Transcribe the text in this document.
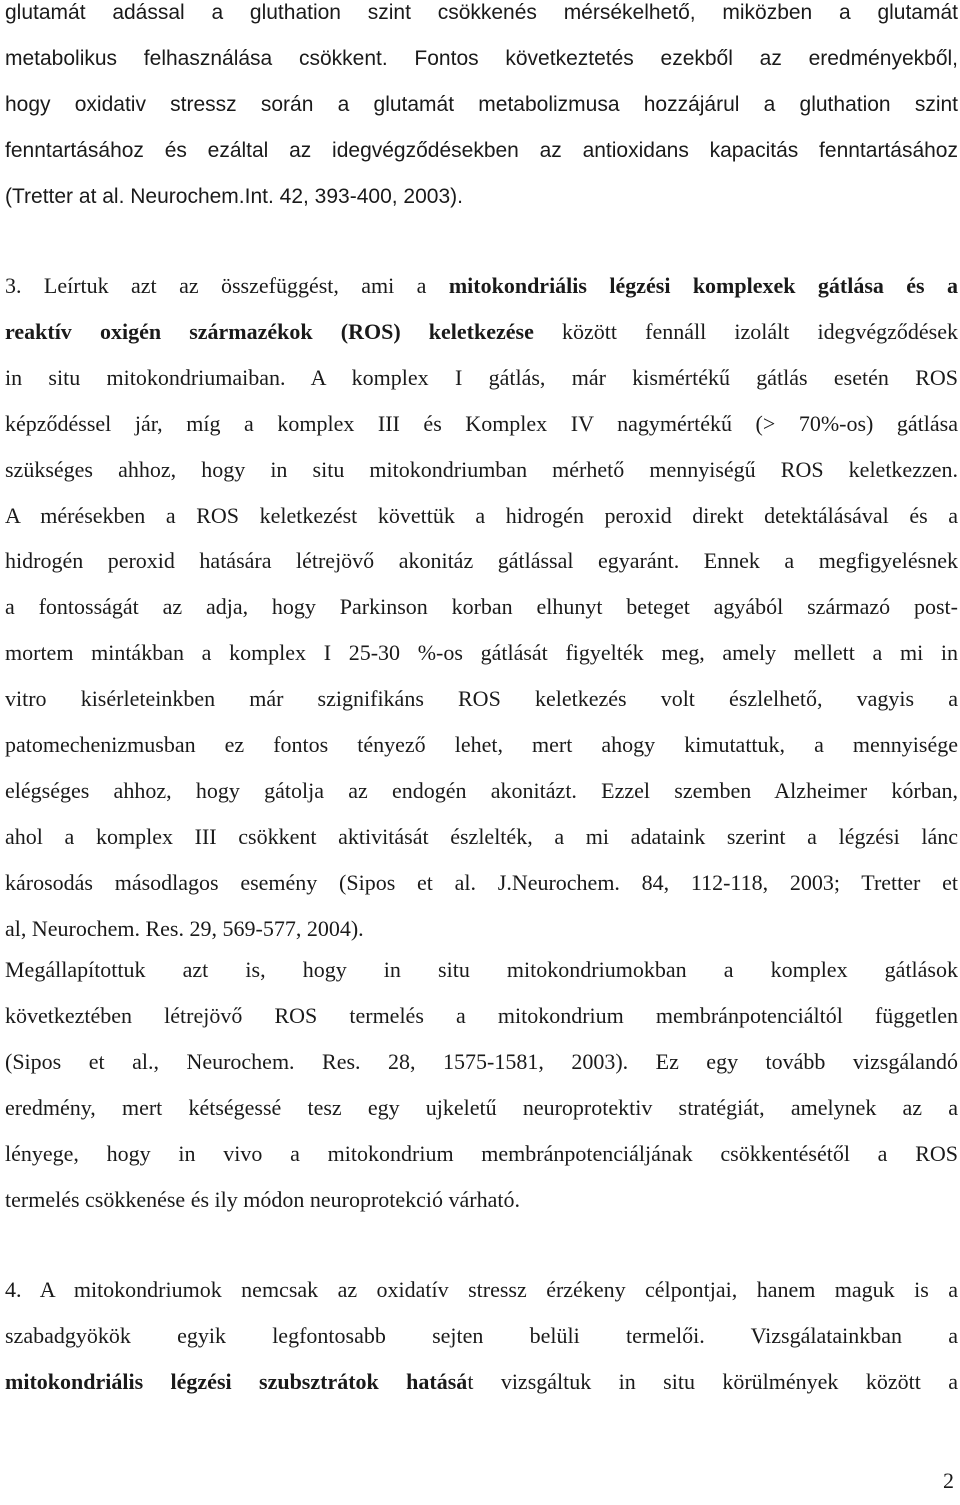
glutamát adással a gluthation szint csökkenés mérsékelhető, miközben a glutamát
metabolikus felhasználása csökkent. Fontos következtetés ezekből az eredményekből,
hogy oxidativ stressz során a glutamát metabolizmusa hozzájárul a gluthation szint
fenntartásához és ezáltal az idegvégződésekben az antioxidans kapacitás fenntartásához
(Tretter at al. Neurochem.Int. 42, 393-400, 2003).
3. Leírtuk azt az összefüggést, ami a mitokondriális légzési komplexek gátlása és a
reaktív oxigén származékok (ROS) keletkezése között fennáll izolált idegvégződések
in situ mitokondriumaiban. A komplex I gátlás, már kismértékű gátlás esetén ROS
képződéssel jár, míg a komplex III és Komplex IV nagymértékű (> 70%-os) gátlása
szükséges ahhoz, hogy in situ mitokondriumban mérhető mennyiségű ROS keletkezzen.
A mérésekben a ROS keletkezést követtük a hidrogén peroxid direkt detektálásával és a
hidrogén peroxid hatására létrejövő akonitáz gátlással egyaránt. Ennek a megfigyelésnek
a fontosságát az adja, hogy Parkinson korban elhunyt beteget agyából származó post-
mortem mintákban a komplex I 25-30 %-os gátlását figyelték meg, amely mellett a mi in
vitro kisérleteinkben már szignifikáns ROS keletkezés volt észlelhető, vagyis a
patomechenizmusban ez fontos tényező lehet, mert ahogy kimutattuk, a mennyisége
elégséges ahhoz, hogy gátolja az endogén akonitázt. Ezzel szemben Alzheimer kórban,
ahol a komplex III csökkent aktivitását észlelték, a mi adataink szerint a légzési lánc
károsodás másodlagos esemény (Sipos et al. J.Neurochem. 84, 112-118, 2003; Tretter et
al, Neurochem. Res. 29, 569-577, 2004).
Megállapítottuk azt is, hogy in situ mitokondriumokban a komplex gátlások
következtében létrejövő ROS termelés a mitokondrium membránpotenciáltól független
(Sipos et al., Neurochem. Res. 28, 1575-1581, 2003). Ez egy tovább vizsgálandó
eredmény, mert kétségessé tesz egy ujkeletű neuroprotektiv stratégiát, amelynek az a
lényege, hogy in vivo a mitokondrium membránpotenciáljának csökkentésétől a ROS
termelés csökkenése és ily módon neuroprotekció várható.
4. A mitokondriumok nemcsak az oxidatív stressz érzékeny célpontjai, hanem maguk is a
szabadgyökök egyik legfontosabb sejten belüli termelői. Vizsgálatainkban a
mitokondriális légzési szubsztrátok hatását vizsgáltuk in situ körülmények között a
2
